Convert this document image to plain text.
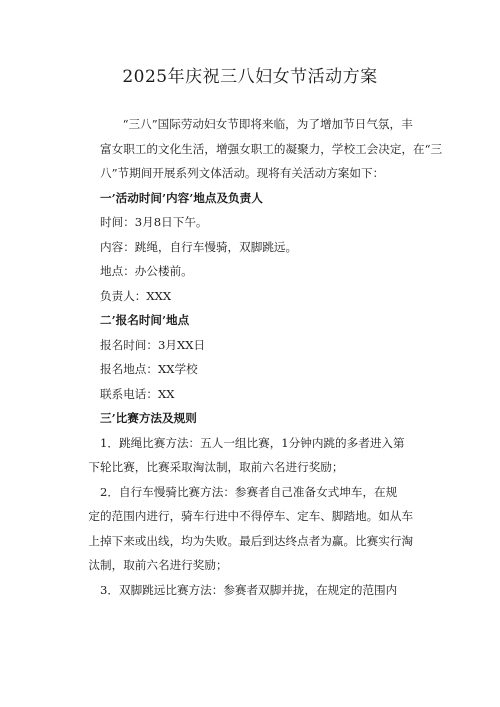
2025年庆祝三八妇女节活动方案
“三八”国际劳动妇女节即将来临，为了增加节日气氛，丰
富女职工的文化生活，增强女职工的凝聚力，学校工会决定，在“三
八”节期间开展系列文体活动。现将有关活动方案如下：
一’活动时间’内容’地点及负责人
时间：3月8日下午。
内容：跳绳，自行车慢骑，双脚跳远。
地点：办公楼前。
负责人：XXX
二’报名时间’地点
报名时间：3月XX日
报名地点：XX学校
联系电话：XX
三’比赛方法及规则
1．跳绳比赛方法：五人一组比赛，1分钟内跳的多者进入第
下轮比赛，比赛采取淘汰制，取前六名进行奖励；
2．自行车慢骑比赛方法：参赛者自己准备女式坤车，在规
定的范围内进行，骑车行进中不得停车、定车、脚踏地。如从车
上掉下来或出线，均为失败。最后到达终点者为赢。比赛实行淘
汰制，取前六名进行奖励；
3．双脚跳远比赛方法：参赛者双脚并拢，在规定的范围内
